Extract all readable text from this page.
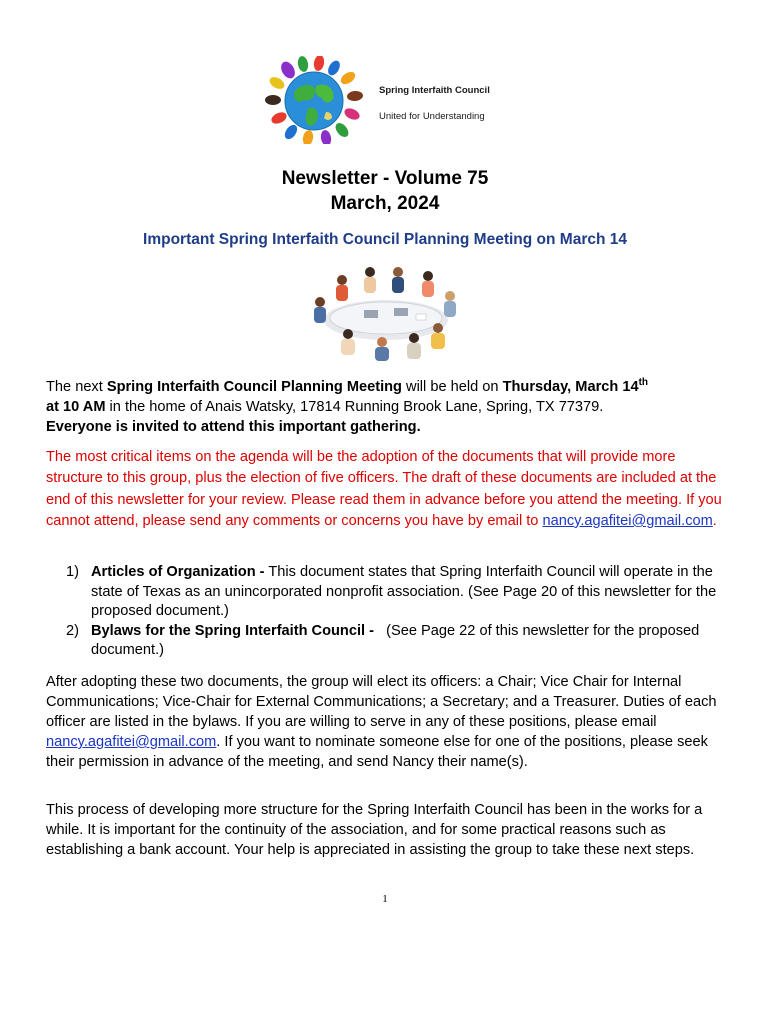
Spring Interfaith Council
United for Understanding
Newsletter - Volume 75
March, 2024
Important Spring Interfaith Council Planning Meeting on March 14
The next Spring Interfaith Council Planning Meeting will be held on Thursday, March 14th
at 10 AM in the home of Anais Watsky, 17814 Running Brook Lane, Spring, TX 77379.
Everyone is invited to attend this important gathering.
The most critical items on the agenda will be the adoption of the documents that will provide more structure to this group, plus the election of five officers. The draft of these documents are included at the end of this newsletter for your review. Please read them in advance before you attend the meeting. If you cannot attend, please send any comments or concerns you have by email to nancy.agafitei@gmail.com.
1) Articles of Organization - This document states that Spring Interfaith Council will operate in the state of Texas as an unincorporated nonprofit association. (See Page 20 of this newsletter for the proposed document.)
2) Bylaws for the Spring Interfaith Council -   (See Page 22 of this newsletter for the proposed document.)
After adopting these two documents, the group will elect its officers: a Chair; Vice Chair for Internal Communications; Vice-Chair for External Communications; a Secretary; and a Treasurer. Duties of each officer are listed in the bylaws. If you are willing to serve in any of these positions, please email nancy.agafitei@gmail.com. If you want to nominate someone else for one of the positions, please seek their permission in advance of the meeting, and send Nancy their name(s).
This process of developing more structure for the Spring Interfaith Council has been in the works for a while. It is important for the continuity of the association, and for some practical reasons such as establishing a bank account. Your help is appreciated in assisting the group to take these next steps.
1
